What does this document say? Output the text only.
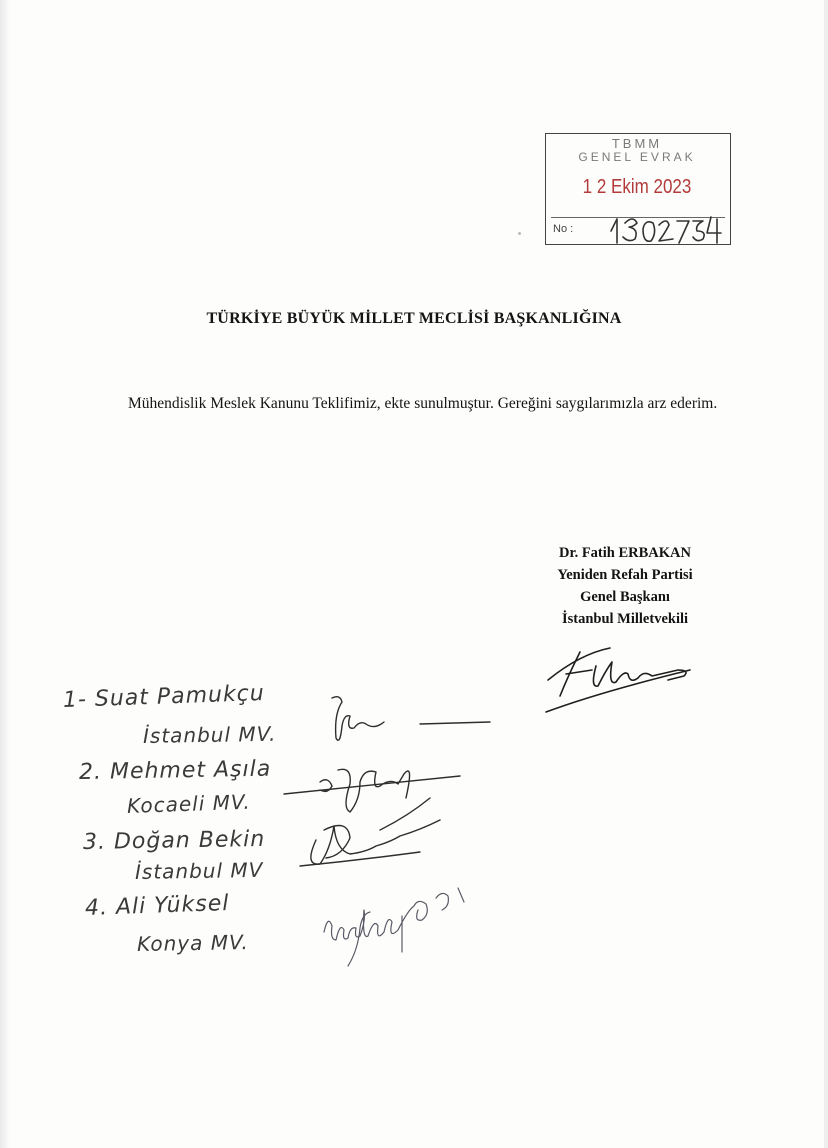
TBMM
GENEL EVRAK
1 2 Ekim 2023
No :
TÜRKİYE BÜYÜK MİLLET MECLİSİ BAŞKANLIĞINA
Mühendislik Meslek Kanunu Teklifimiz, ekte sunulmuştur. Gereğini saygılarımızla arz ederim.
Dr. Fatih ERBAKAN
Yeniden Refah Partisi
Genel Başkanı
İstanbul Milletvekili
1- Suat Pamukçu
İstanbul MV.
2. Mehmet Aşıla
Kocaeli MV.
3. Doğan Bekin
İstanbul MV
4. Ali Yüksel
Konya MV.
